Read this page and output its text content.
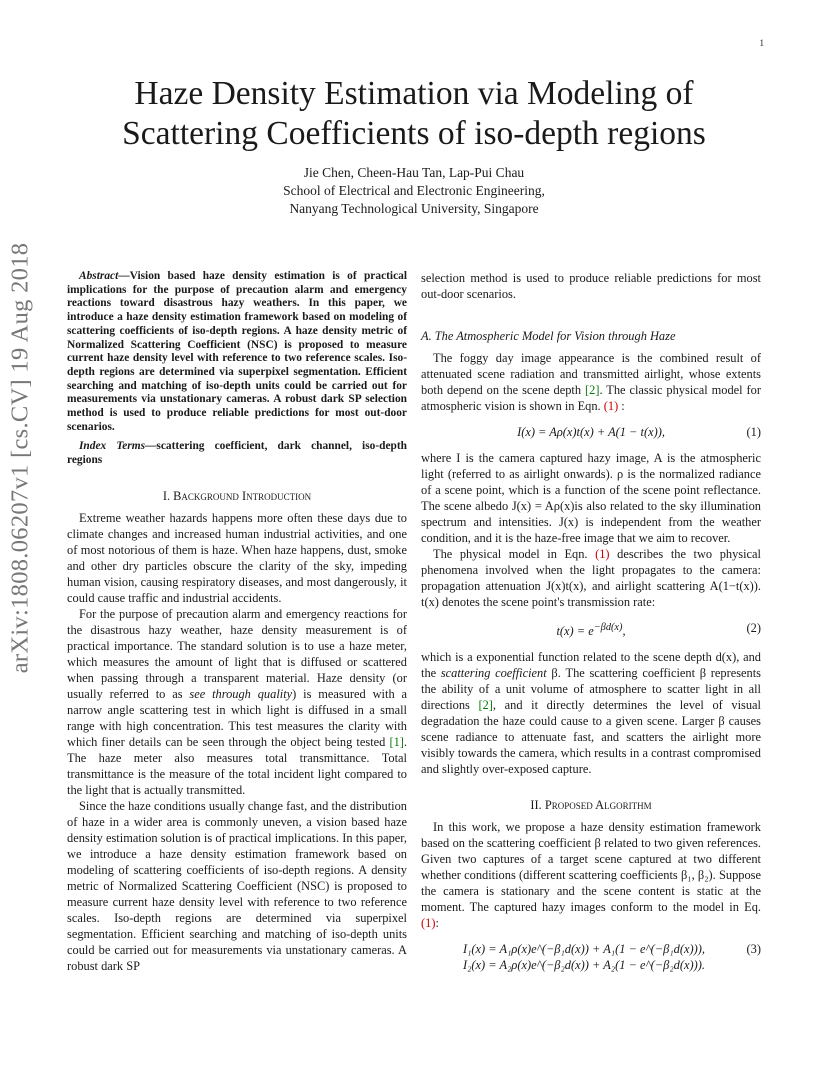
1
arXiv:1808.06207v1 [cs.CV] 19 Aug 2018
Haze Density Estimation via Modeling of
Scattering Coefficients of iso-depth regions
Jie Chen, Cheen-Hau Tan, Lap-Pui Chau
School of Electrical and Electronic Engineering,
Nanyang Technological University, Singapore

Abstract—Vision based haze density estimation is of practical implications for the purpose of precaution alarm and emergency reactions toward disastrous hazy weathers. In this paper, we introduce a haze density estimation framework based on modeling of scattering coefficients of iso-depth regions. A haze density metric of Normalized Scattering Coefficient (NSC) is proposed to measure current haze density level with reference to two reference scales. Iso-depth regions are determined via superpixel segmentation. Efficient searching and matching of iso-depth units could be carried out for measurements via unstationary cameras. A robust dark SP selection method is used to produce reliable predictions for most out-door scenarios.

Index Terms—scattering coefficient, dark channel, iso-depth regions

I. Background Introduction

Extreme weather hazards happens more often these days due to climate changes and increased human industrial activities, and one of most notorious of them is haze. When haze happens, dust, smoke and other dry particles obscure the clarity of the sky, impeding human vision, causing respiratory diseases, and most dangerously, it could cause traffic and industrial accidents.

For the purpose of precaution alarm and emergency reactions for the disastrous hazy weather, haze density measurement is of practical importance. The standard solution is to use a haze meter, which measures the amount of light that is diffused or scattered when passing through a transparent material. Haze density (or usually referred to as see through quality) is measured with a narrow angle scattering test in which light is diffused in a small range with high concentration. This test measures the clarity with which finer details can be seen through the object being tested [1]. The haze meter also measures total transmittance. Total transmittance is the measure of the total incident light compared to the light that is actually transmitted.

Since the haze conditions usually change fast, and the distribution of haze in a wider area is commonly uneven, a vision based haze density estimation solution is of practical implications. In this paper, we introduce a haze density estimation framework based on modeling of scattering coefficients of iso-depth regions. A density metric of Normalized Scattering Coefficient (NSC) is proposed to measure current haze density level with reference to two reference scales. Iso-depth regions are determined via superpixel segmentation. Efficient searching and matching of iso-depth units could be carried out for measurements via unstationary cameras. A robust dark SP

selection method is used to produce reliable predictions for most out-door scenarios.

A. The Atmospheric Model for Vision through Haze

The foggy day image appearance is the combined result of attenuated scene radiation and transmitted airlight, whose extents both depend on the scene depth [2]. The classic physical model for atmospheric vision is shown in Eqn. (1) :

I(x) = Aρ(x)t(x) + A(1 − t(x)),	(1)

where I is the camera captured hazy image, A is the atmospheric light (referred to as airlight onwards). ρ is the normalized radiance of a scene point, which is a function of the scene point reflectance. The scene albedo J(x) = Aρ(x)is also related to the sky illumination spectrum and intensities. J(x) is independent from the weather condition, and it is the haze-free image that we aim to recover.

The physical model in Eqn. (1) describes the two physical phenomena involved when the light propagates to the camera: propagation attenuation J(x)t(x), and airlight scattering A(1−t(x)). t(x) denotes the scene point's transmission rate:

$t(x) = e^{-\beta d(x)}$,	(2)

which is a exponential function related to the scene depth d(x), and the scattering coefficient β. The scattering coefficient β represents the ability of a unit volume of atmosphere to scatter light in all directions [2], and it directly determines the level of visual degradation the haze could cause to a given scene. Larger β causes scene radiance to attenuate fast, and scatters the airlight more visibly towards the camera, which results in a contrast compromised and slightly over-exposed capture.

II. Proposed Algorithm

In this work, we propose a haze density estimation framework based on the scattering coefficient β related to two given references. Given two captures of a target scene captured at two different whether conditions (different scattering coefficients β₁, β₂). Suppose the camera is stationary and the scene content is static at the moment. The captured hazy images conform to the model in Eq. (1):

I₁(x) = A₁ρ(x)e^(−β₁d(x)) + A₁(1 − e^(−β₁d(x))),
I₂(x) = A₂ρ(x)e^(−β₂d(x)) + A₂(1 − e^(−β₂d(x))).
(3)
